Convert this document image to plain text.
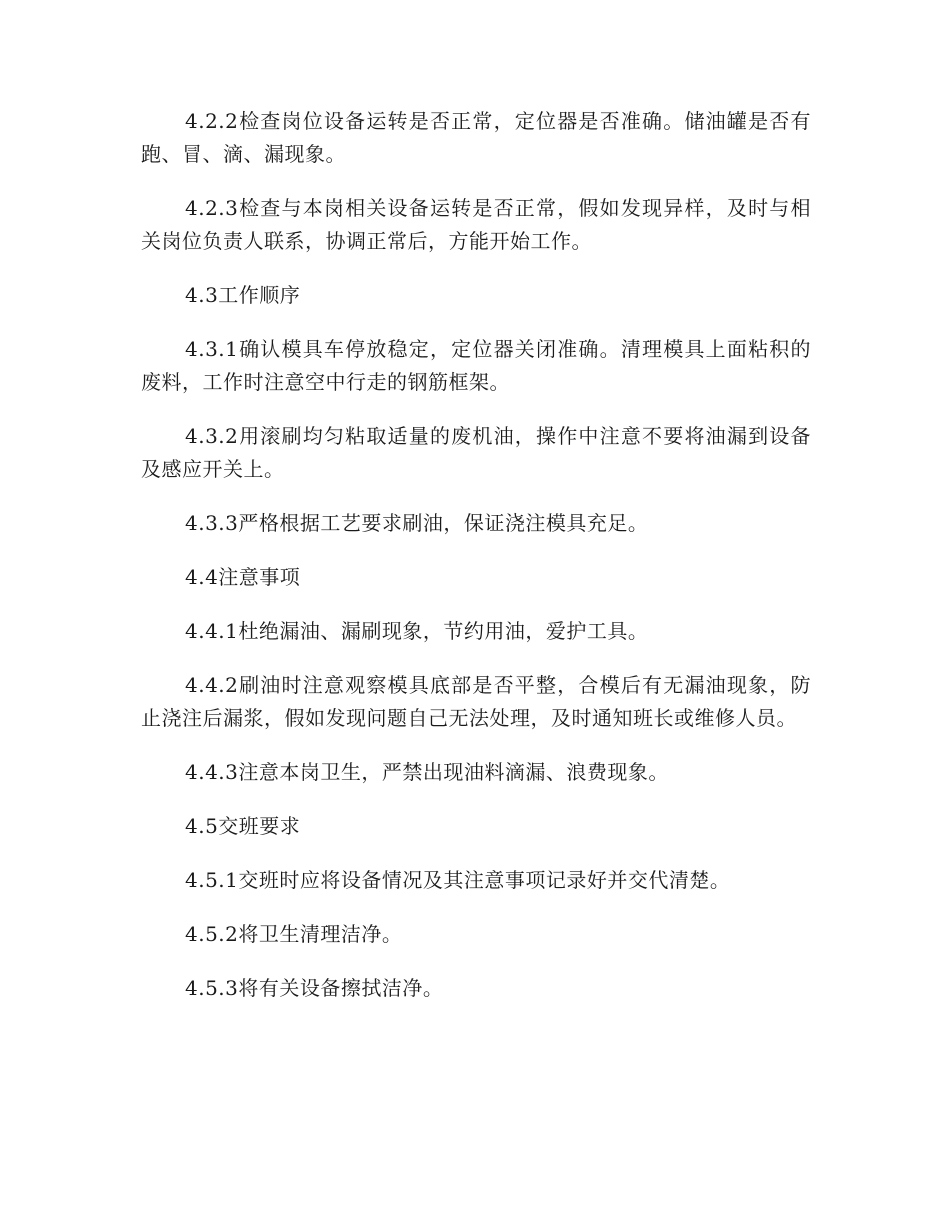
4.2.2检查岗位设备运转是否正常，定位器是否准确。储油罐是否有跑、冒、滴、漏现象。

4.2.3检查与本岗相关设备运转是否正常，假如发现异样，及时与相关岗位负责人联系，协调正常后，方能开始工作。

4.3工作顺序

4.3.1确认模具车停放稳定，定位器关闭准确。清理模具上面粘积的废料，工作时注意空中行走的钢筋框架。

4.3.2用滚刷均匀粘取适量的废机油，操作中注意不要将油漏到设备及感应开关上。

4.3.3严格根据工艺要求刷油，保证浇注模具充足。

4.4注意事项

4.4.1杜绝漏油、漏刷现象，节约用油，爱护工具。

4.4.2刷油时注意观察模具底部是否平整，合模后有无漏油现象，防止浇注后漏浆，假如发现问题自己无法处理，及时通知班长或维修人员。

4.4.3注意本岗卫生，严禁出现油料滴漏、浪费现象。

4.5交班要求

4.5.1交班时应将设备情况及其注意事项记录好并交代清楚。

4.5.2将卫生清理洁净。

4.5.3将有关设备擦拭洁净。
